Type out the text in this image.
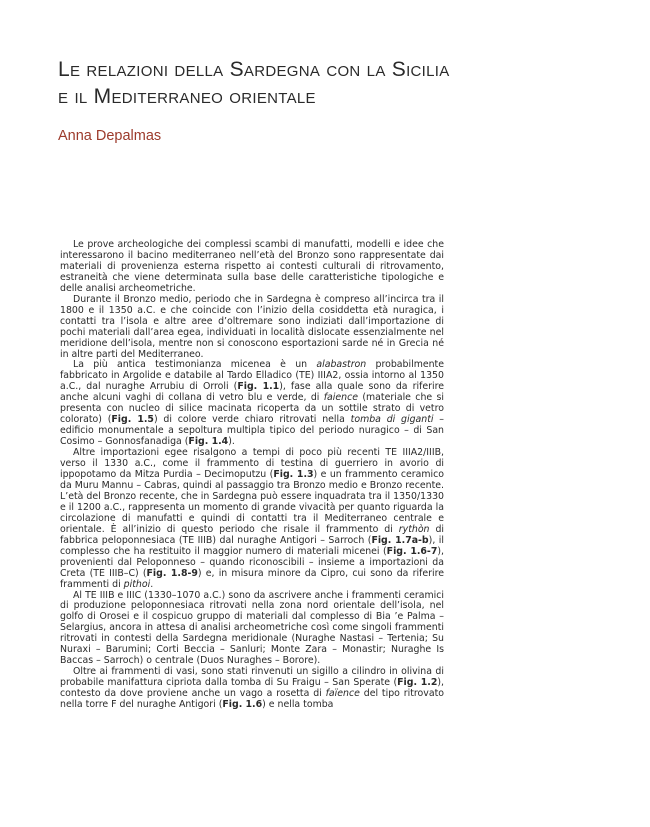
Le relazioni della Sardegna con la Sicilia
e il Mediterraneo orientale
Anna Depalmas

Le prove archeologiche dei complessi scambi di manufatti, modelli e idee che interessarono il bacino mediterraneo nell’età del Bronzo sono rappresentate dai materiali di provenienza esterna rispetto ai contesti culturali di ritrovamento, estraneità che viene determinata sulla base delle caratteristiche tipologiche e delle analisi archeometriche.

Durante il Bronzo medio, periodo che in Sardegna è compreso all’incirca tra il 1800 e il 1350 a.C. e che coincide con l’inizio della cosiddetta età nuragica, i contatti tra l’isola e altre aree d’oltremare sono indiziati dall’importazione di pochi materiali dall’area egea, individuati in località dislocate essenzialmente nel meridione dell’isola, mentre non si conoscono esportazioni sarde né in Grecia né in altre parti del Mediterraneo.

La più antica testimonianza micenea è un alabastron probabilmente fabbricato in Argolide e databile al Tardo Elladico (TE) IIIA2, ossia intorno al 1350 a.C., dal nuraghe Arrubiu di Orroli (Fig. 1.1), fase alla quale sono da riferire anche alcuni vaghi di collana di vetro blu e verde, di faience (materiale che si presenta con nucleo di silice macinata ricoperta da un sottile strato di vetro colorato) (Fig. 1.5) di colore verde chiaro ritrovati nella tomba di giganti – edificio monumentale a sepoltura multipla tipico del periodo nuragico – di San Cosimo – Gonnosfanadiga (Fig. 1.4).

Altre importazioni egee risalgono a tempi di poco più recenti TE IIIA2/IIIB, verso il 1330 a.C., come il frammento di testina di guerriero in avorio di ippopotamo da Mitza Purdia – Decimoputzu (Fig. 1.3) e un frammento ceramico da Muru Mannu – Cabras, quindi al passaggio tra Bronzo medio e Bronzo recente. L’età del Bronzo recente, che in Sardegna può essere inquadrata tra il 1350/1330 e il 1200 a.C., rappresenta un momento di grande vivacità per quanto riguarda la circolazione di manufatti e quindi di contatti tra il Mediterraneo centrale e orientale. È all’inizio di questo periodo che risale il frammento di rythòn di fabbrica peloponnesiaca (TE IIIB) dal nuraghe Antigori – Sarroch (Fig. 1.7a-b), il complesso che ha restituito il maggior numero di materiali micenei (Fig. 1.6-7), provenienti dal Peloponneso – quando riconoscibili – insieme a importazioni da Creta (TE IIIB–C) (Fig. 1.8-9) e, in misura minore da Cipro, cui sono da riferire frammenti di pithoi.

Al TE IIIB e IIIC (1330–1070 a.C.) sono da ascrivere anche i frammenti ceramici di produzione peloponnesiaca ritrovati nella zona nord orientale dell’isola, nel golfo di Orosei e il cospicuo gruppo di materiali dal complesso di Bia ’e Palma – Selargius, ancora in attesa di analisi archeometriche così come singoli frammenti ritrovati in contesti della Sardegna meridionale (Nuraghe Nastasi – Tertenia; Su Nuraxi – Barumini; Corti Beccia – Sanluri; Monte Zara – Monastir; Nuraghe Is Baccas – Sarroch) o centrale (Duos Nuraghes – Borore).

Oltre ai frammenti di vasi, sono stati rinvenuti un sigillo a cilindro in olivina di probabile manifattura cipriota dalla tomba di Su Fraigu – San Sperate (Fig. 1.2), contesto da dove proviene anche un vago a rosetta di faïence del tipo ritrovato nella torre F del nuraghe Antigori (Fig. 1.6) e nella tomba
